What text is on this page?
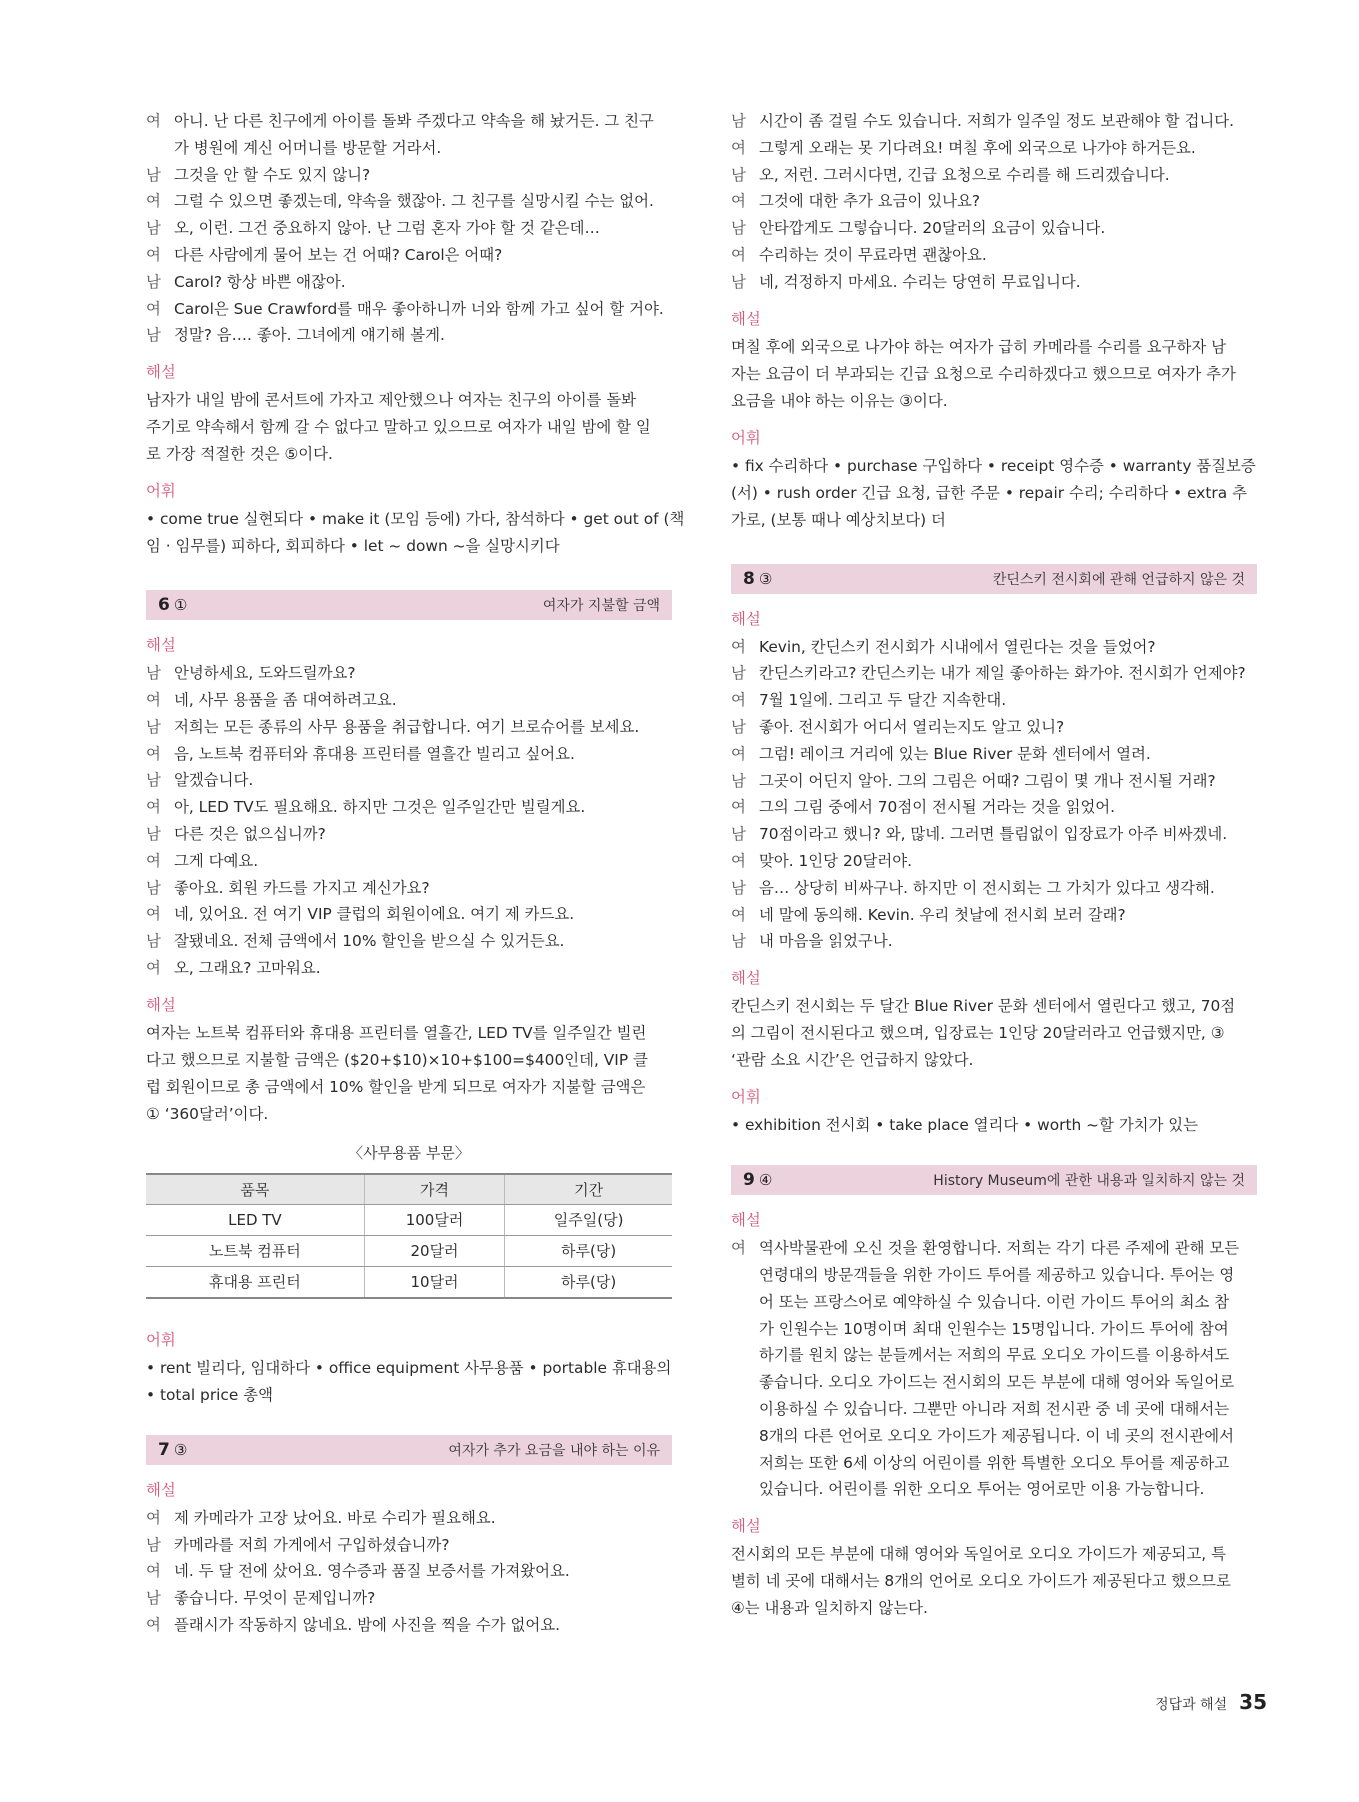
여 아니. 난 다른 친구에게 아이를 돌봐 주겠다고 약속을 해 놨거든. 그 친구
가 병원에 계신 어머니를 방문할 거라서.
남 그것을 안 할 수도 있지 않니?
여 그럴 수 있으면 좋겠는데, 약속을 했잖아. 그 친구를 실망시킬 수는 없어.
남 오, 이런. 그건 중요하지 않아. 난 그럼 혼자 가야 할 것 같은데…
여 다른 사람에게 물어 보는 건 어때? Carol은 어때?
남 Carol? 항상 바쁜 애잖아.
여 Carol은 Sue Crawford를 매우 좋아하니까 너와 함께 가고 싶어 할 거야.
남 정말? 음…. 좋아. 그녀에게 얘기해 볼게.
해설
남자가 내일 밤에 콘서트에 가자고 제안했으나 여자는 친구의 아이를 돌봐
주기로 약속해서 함께 갈 수 없다고 말하고 있으므로 여자가 내일 밤에 할 일
로 가장 적절한 것은 ⑤이다.
어휘
• come true 실현되다 • make it (모임 등에) 가다, 참석하다 • get out of (책
임 · 임무를) 피하다, 회피하다 • let ~ down ~을 실망시키다
6 ①	여자가 지불할 금액
해설
남 안녕하세요, 도와드릴까요?
여 네, 사무 용품을 좀 대여하려고요.
남 저희는 모든 종류의 사무 용품을 취급합니다. 여기 브로슈어를 보세요.
여 음, 노트북 컴퓨터와 휴대용 프린터를 열흘간 빌리고 싶어요.
남 알겠습니다.
여 아, LED TV도 필요해요. 하지만 그것은 일주일간만 빌릴게요.
남 다른 것은 없으십니까?
여 그게 다예요.
남 좋아요. 회원 카드를 가지고 계신가요?
여 네, 있어요. 전 여기 VIP 클럽의 회원이에요. 여기 제 카드요.
남 잘됐네요. 전체 금액에서 10% 할인을 받으실 수 있거든요.
여 오, 그래요? 고마워요.
해설
여자는 노트북 컴퓨터와 휴대용 프린터를 열흘간, LED TV를 일주일간 빌린
다고 했으므로 지불할 금액은 ($20+$10)×10+$100=$400인데, VIP 클
럽 회원이므로 총 금액에서 10% 할인을 받게 되므로 여자가 지불할 금액은
① ‘360달러’이다.
〈사무용품 부문〉
품목	가격	기간
LED TV	100달러	일주일(당)
노트북 컴퓨터	20달러	하루(당)
휴대용 프린터	10달러	하루(당)
어휘
• rent 빌리다, 임대하다 • office equipment 사무용품 • portable 휴대용의
• total price 총액
7 ③	여자가 추가 요금을 내야 하는 이유
해설
여 제 카메라가 고장 났어요. 바로 수리가 필요해요.
남 카메라를 저희 가게에서 구입하셨습니까?
여 네. 두 달 전에 샀어요. 영수증과 품질 보증서를 가져왔어요.
남 좋습니다. 무엇이 문제입니까?
여 플래시가 작동하지 않네요. 밤에 사진을 찍을 수가 없어요.
남 시간이 좀 걸릴 수도 있습니다. 저희가 일주일 정도 보관해야 할 겁니다.
여 그렇게 오래는 못 기다려요! 며칠 후에 외국으로 나가야 하거든요.
남 오, 저런. 그러시다면, 긴급 요청으로 수리를 해 드리겠습니다.
여 그것에 대한 추가 요금이 있나요?
남 안타깝게도 그렇습니다. 20달러의 요금이 있습니다.
여 수리하는 것이 무료라면 괜찮아요.
남 네, 걱정하지 마세요. 수리는 당연히 무료입니다.
해설
며칠 후에 외국으로 나가야 하는 여자가 급히 카메라를 수리를 요구하자 남
자는 요금이 더 부과되는 긴급 요청으로 수리하겠다고 했으므로 여자가 추가
요금을 내야 하는 이유는 ③이다.
어휘
• fix 수리하다 • purchase 구입하다 • receipt 영수증 • warranty 품질보증
(서) • rush order 긴급 요청, 급한 주문 • repair 수리; 수리하다 • extra 추
가로, (보통 때나 예상치보다) 더
8 ③	칸딘스키 전시회에 관해 언급하지 않은 것
해설
여 Kevin, 칸딘스키 전시회가 시내에서 열린다는 것을 들었어?
남 칸딘스키라고? 칸딘스키는 내가 제일 좋아하는 화가야. 전시회가 언제야?
여 7월 1일에. 그리고 두 달간 지속한대.
남 좋아. 전시회가 어디서 열리는지도 알고 있니?
여 그럼! 레이크 거리에 있는 Blue River 문화 센터에서 열려.
남 그곳이 어딘지 알아. 그의 그림은 어때? 그림이 몇 개나 전시될 거래?
여 그의 그림 중에서 70점이 전시될 거라는 것을 읽었어.
남 70점이라고 했니? 와, 많네. 그러면 틀림없이 입장료가 아주 비싸겠네.
여 맞아. 1인당 20달러야.
남 음… 상당히 비싸구나. 하지만 이 전시회는 그 가치가 있다고 생각해.
여 네 말에 동의해. Kevin. 우리 첫날에 전시회 보러 갈래?
남 내 마음을 읽었구나.
해설
칸딘스키 전시회는 두 달간 Blue River 문화 센터에서 열린다고 했고, 70점
의 그림이 전시된다고 했으며, 입장료는 1인당 20달러라고 언급했지만, ③
‘관람 소요 시간’은 언급하지 않았다.
어휘
• exhibition 전시회 • take place 열리다 • worth ~할 가치가 있는
9 ④	History Museum에 관한 내용과 일치하지 않는 것
해설
여 역사박물관에 오신 것을 환영합니다. 저희는 각기 다른 주제에 관해 모든
연령대의 방문객들을 위한 가이드 투어를 제공하고 있습니다. 투어는 영
어 또는 프랑스어로 예약하실 수 있습니다. 이런 가이드 투어의 최소 참
가 인원수는 10명이며 최대 인원수는 15명입니다. 가이드 투어에 참여
하기를 원치 않는 분들께서는 저희의 무료 오디오 가이드를 이용하셔도
좋습니다. 오디오 가이드는 전시회의 모든 부분에 대해 영어와 독일어로
이용하실 수 있습니다. 그뿐만 아니라 저희 전시관 중 네 곳에 대해서는
8개의 다른 언어로 오디오 가이드가 제공됩니다. 이 네 곳의 전시관에서
저희는 또한 6세 이상의 어린이를 위한 특별한 오디오 투어를 제공하고
있습니다. 어린이를 위한 오디오 투어는 영어로만 이용 가능합니다.
해설
전시회의 모든 부분에 대해 영어와 독일어로 오디오 가이드가 제공되고, 특
별히 네 곳에 대해서는 8개의 언어로 오디오 가이드가 제공된다고 했으므로
④는 내용과 일치하지 않는다.
정답과 해설 35
